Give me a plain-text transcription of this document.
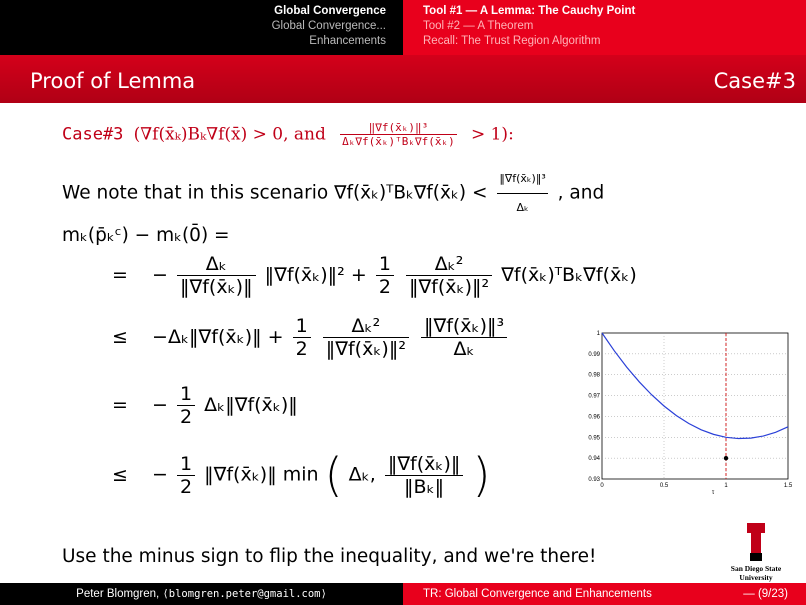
Global Convergence
Global Convergence...
Enhancements
Tool #1 — A Lemma: The Cauchy Point
Tool #2 — A Theorem
Recall: The Trust Region Algorithm
Proof of Lemma	Case#3
Case#3 (∇f(x̄ₖ)Bₖ∇f(x̄) > 0, and $\frac{\text{‖∇f(x̄ₖ)‖³}}{\text{Δₖ∇f(x̄ₖ)ᵀBₖ∇f(x̄ₖ)}} > 1$):
We note that in this scenario ∇f(x̄ₖ)ᵀBₖ∇f(x̄ₖ) < $\frac{\text{‖∇f(x̄ₖ)‖³}}{\text{Δₖ}}$ , and
mₖ(p̄ₖᶜ) − mₖ(0̄) =
= − $\frac{\text{Δₖ}}{\text{‖∇f(x̄ₖ)‖}}$ ‖∇f(x̄ₖ)‖² + $\frac{1}{2}$
$\frac{\text{Δₖ²}}{\text{‖∇f(x̄ₖ)‖²}}$ ∇f(x̄ₖ)ᵀBₖ∇f(x̄ₖ)
≤ −Δₖ‖∇f(x̄ₖ)‖ + $\frac{1}{2}$
$\frac{\text{Δₖ²}}{\text{‖∇f(x̄ₖ)‖²}}$
$\frac{\text{‖∇f(x̄ₖ)‖³}}{\text{Δₖ}}$
= − $\frac{1}{2}$ Δₖ‖∇f(x̄ₖ)‖
≤ − $\frac{1}{2}$ ‖∇f(x̄ₖ)‖ min ( Δₖ, $\frac{\text{‖∇f(x̄ₖ)‖}}{\text{‖Bₖ‖}}$ )	0	0.5	1	1.5
0.93
0.94
0.95
0.96
0.97
0.98
0.99
1
τ
Use the minus sign to flip the inequality, and we're there!
San Diego State
University
Peter Blomgren, ⟨blomgren.peter@gmail.com⟩	TR: Global Convergence and Enhancements	— (9/23)
